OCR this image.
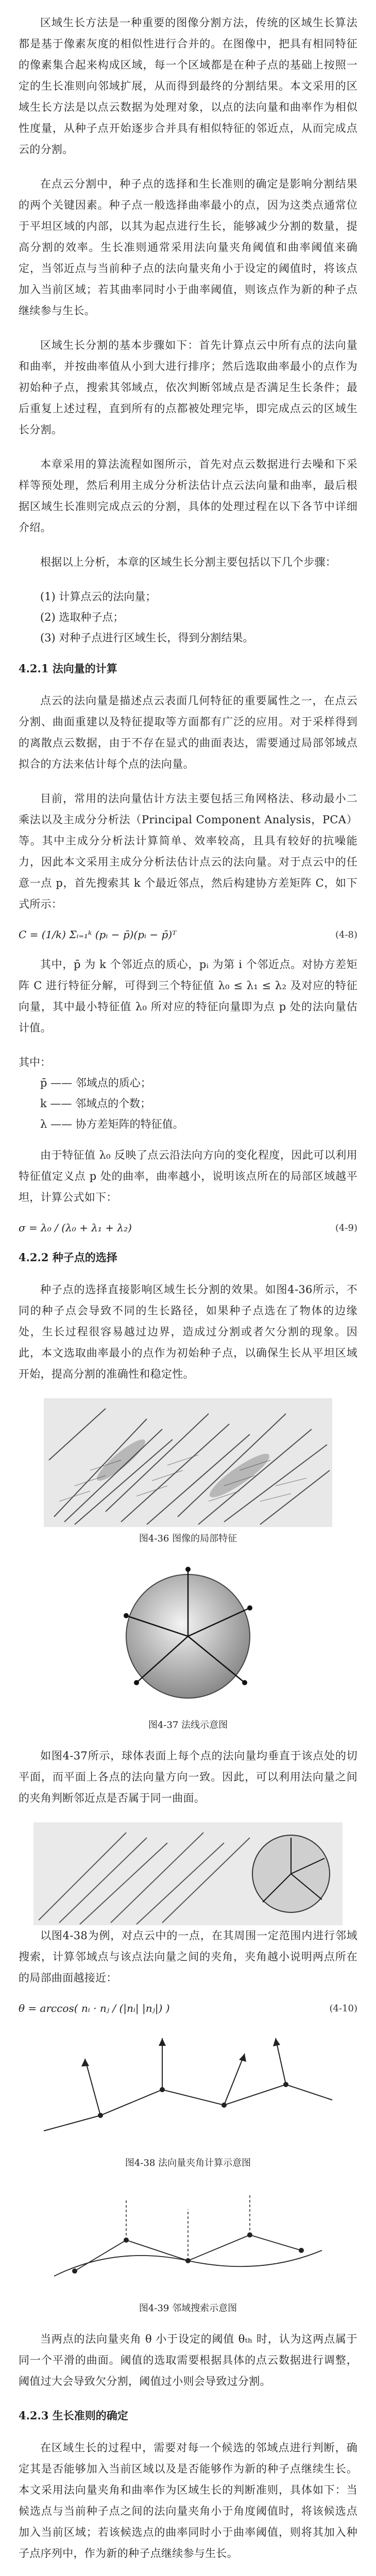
区域生长方法是一种重要的图像分割方法，传统的区域生长算法都是基于像素灰度的相似性进行合并的。在图像中，把具有相同特征的像素集合起来构成区域，每一个区域都是在种子点的基础上按照一定的生长准则向邻域扩展，从而得到最终的分割结果。本文采用的区域生长方法是以点云数据为处理对象，以点的法向量和曲率作为相似性度量，从种子点开始逐步合并具有相似特征的邻近点，从而完成点云的分割。

在点云分割中，种子点的选择和生长准则的确定是影响分割结果的两个关键因素。种子点一般选择曲率最小的点，因为这类点通常位于平坦区域的内部，以其为起点进行生长，能够减少分割的数量，提高分割的效率。生长准则通常采用法向量夹角阈值和曲率阈值来确定，当邻近点与当前种子点的法向量夹角小于设定的阈值时，将该点加入当前区域；若其曲率同时小于曲率阈值，则该点作为新的种子点继续参与生长。

区域生长分割的基本步骤如下：首先计算点云中所有点的法向量和曲率，并按曲率值从小到大进行排序；然后选取曲率最小的点作为初始种子点，搜索其邻域点，依次判断邻域点是否满足生长条件；最后重复上述过程，直到所有的点都被处理完毕，即完成点云的区域生长分割。

本章采用的算法流程如图所示，首先对点云数据进行去噪和下采样等预处理，然后利用主成分分析法估计点云法向量和曲率，最后根据区域生长准则完成点云的分割，具体的处理过程在以下各节中详细介绍。

根据以上分析，本章的区域生长分割主要包括以下几个步骤：

(1) 计算点云的法向量；
(2) 选取种子点；
(3) 对种子点进行区域生长，得到分割结果。
4.2.1 法向量的计算

点云的法向量是描述点云表面几何特征的重要属性之一，在点云分割、曲面重建以及特征提取等方面都有广泛的应用。对于采样得到的离散点云数据，由于不存在显式的曲面表达，需要通过局部邻域点拟合的方法来估计每个点的法向量。

目前，常用的法向量估计方法主要包括三角网格法、移动最小二乘法以及主成分分析法（Principal Component Analysis，PCA）等。其中主成分分析法计算简单、效率较高，且具有较好的抗噪能力，因此本文采用主成分分析法估计点云的法向量。对于点云中的任意一点 p，首先搜索其 k 个最近邻点，然后构建协方差矩阵 C，如下式所示：

C = (1/k) Σᵢ₌₁ᵏ (pᵢ − p̄)(pᵢ − p̄)ᵀ	(4-8)

其中，p̄ 为 k 个邻近点的质心，pᵢ 为第 i 个邻近点。对协方差矩阵 C 进行特征分解，可得到三个特征值 λ₀ ≤ λ₁ ≤ λ₂ 及对应的特征向量，其中最小特征值 λ₀ 所对应的特征向量即为点 p 处的法向量估计值。

其中：
p̄ —— 邻域点的质心；
k —— 邻域点的个数；
λ —— 协方差矩阵的特征值。

由于特征值 λ₀ 反映了点云沿法向方向的变化程度，因此可以利用特征值定义点 p 处的曲率，曲率越小，说明该点所在的局部区域越平坦，计算公式如下：

σ = λ₀ / (λ₀ + λ₁ + λ₂)	(4-9)
4.2.2 种子点的选择

种子点的选择直接影响区域生长分割的效果。如图4-36所示，不同的种子点会导致不同的生长路径，如果种子点选在了物体的边缘处，生长过程很容易越过边界，造成过分割或者欠分割的现象。因此，本文选取曲率最小的点作为初始种子点，以确保生长从平坦区域开始，提高分割的准确性和稳定性。

图4-36 图像的局部特征
图4-37 法线示意图

如图4-37所示，球体表面上每个点的法向量均垂直于该点处的切平面，而平面上各点的法向量方向一致。因此，可以利用法向量之间的夹角判断邻近点是否属于同一曲面。

以图4-38为例，对点云中的一点，在其周围一定范围内进行邻域搜索，计算邻域点与该点法向量之间的夹角，夹角越小说明两点所在的局部曲面越接近：

θ = arccos( nᵢ · nⱼ / (|nᵢ| |nⱼ|) )	(4-10)
图4-38 法向量夹角计算示意图
图4-39 邻域搜索示意图

当两点的法向量夹角 θ 小于设定的阈值 θₜₕ 时，认为这两点属于同一个平滑的曲面。阈值的选取需要根据具体的点云数据进行调整，阈值过大会导致欠分割，阈值过小则会导致过分割。

4.2.3 生长准则的确定

在区域生长的过程中，需要对每一个候选的邻域点进行判断，确定其是否能够加入当前区域以及是否能够作为新的种子点继续生长。本文采用法向量夹角和曲率作为区域生长的判断准则，具体如下：当候选点与当前种子点之间的法向量夹角小于角度阈值时，将该候选点加入当前区域；若该候选点的曲率同时小于曲率阈值，则将其加入种子点序列中，作为新的种子点继续参与生长。
